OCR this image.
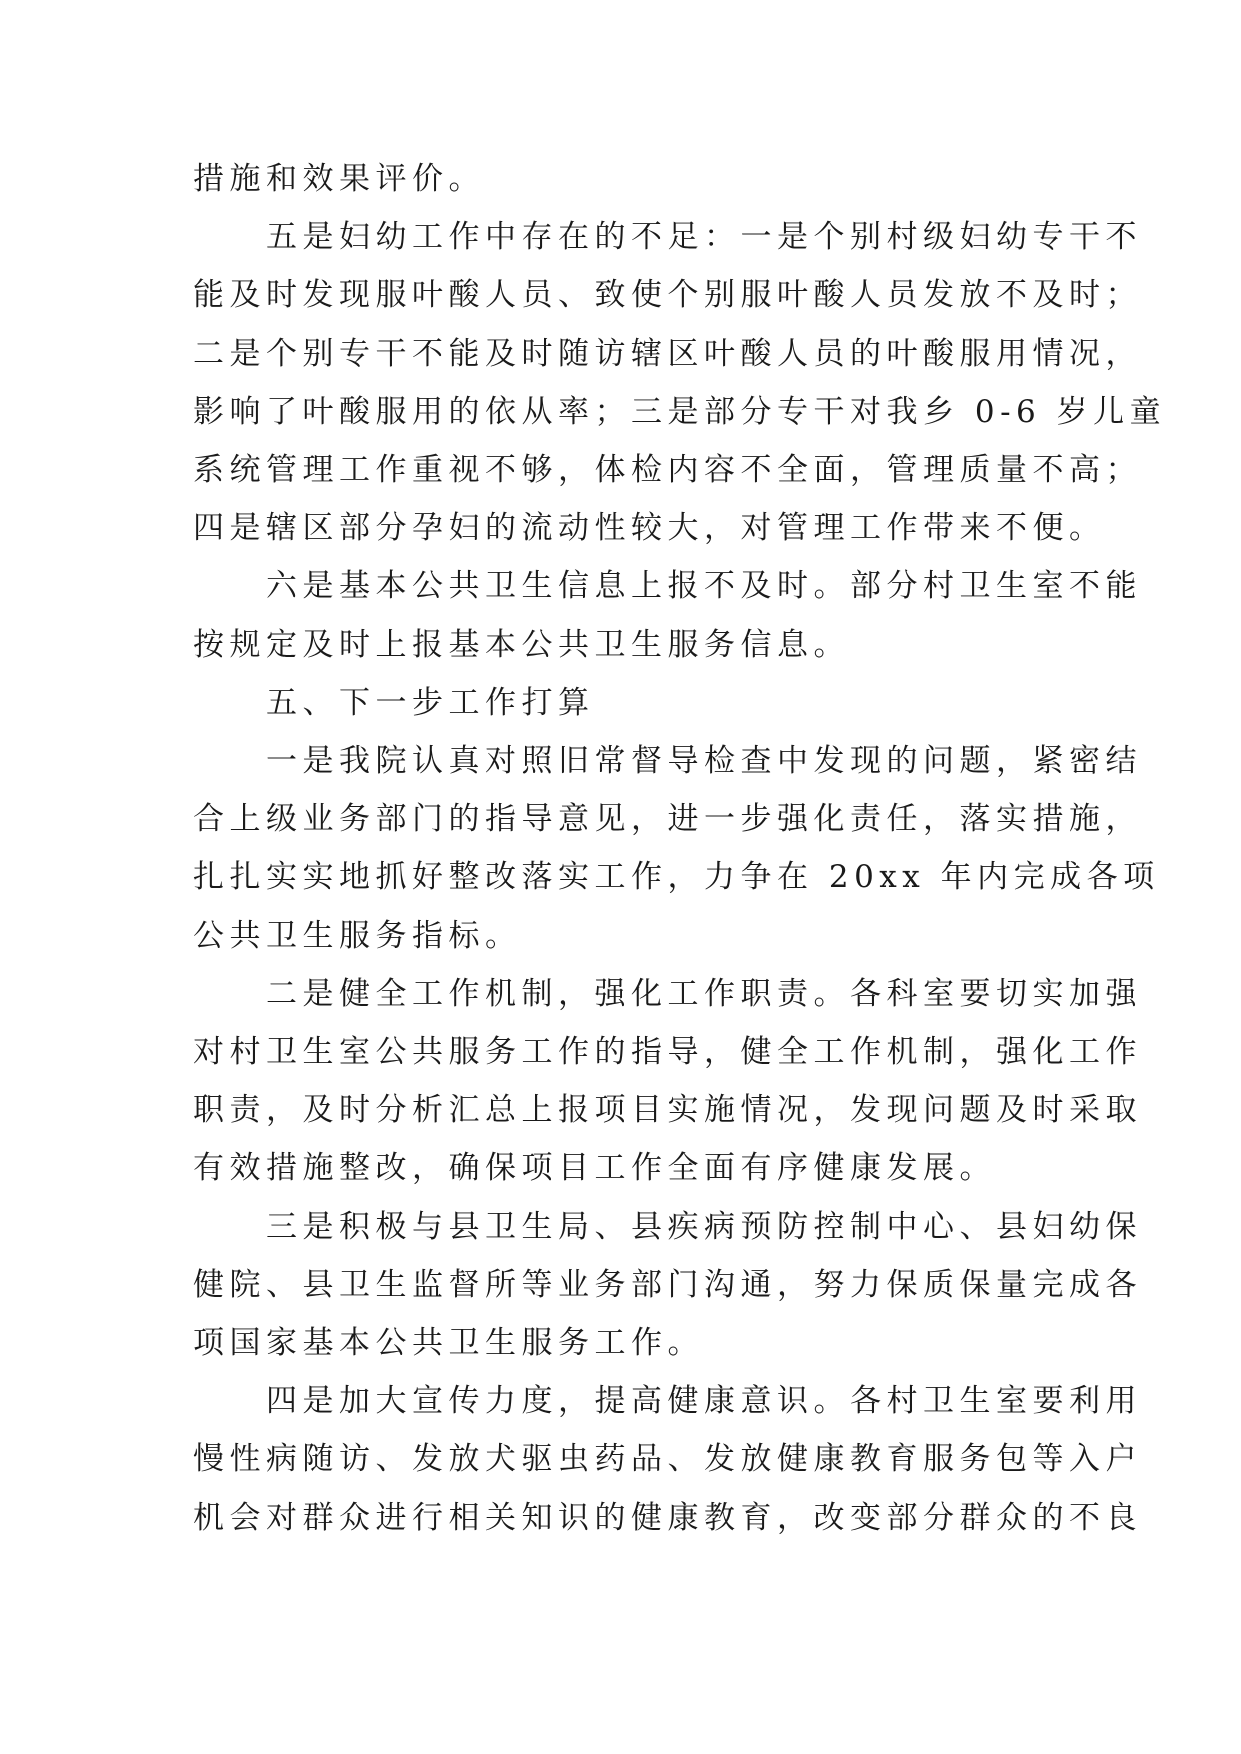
措施和效果评价。

五是妇幼工作中存在的不足：一是个别村级妇幼专干不
能及时发现服叶酸人员、致使个别服叶酸人员发放不及时；
二是个别专干不能及时随访辖区叶酸人员的叶酸服用情况，
影响了叶酸服用的依从率；三是部分专干对我乡 0-6 岁儿童
系统管理工作重视不够，体检内容不全面，管理质量不高；
四是辖区部分孕妇的流动性较大，对管理工作带来不便。

六是基本公共卫生信息上报不及时。部分村卫生室不能
按规定及时上报基本公共卫生服务信息。

五、下一步工作打算

一是我院认真对照旧常督导检查中发现的问题，紧密结
合上级业务部门的指导意见，进一步强化责任，落实措施，
扎扎实实地抓好整改落实工作，力争在 20xx 年内完成各项
公共卫生服务指标。

二是健全工作机制，强化工作职责。各科室要切实加强
对村卫生室公共服务工作的指导，健全工作机制，强化工作
职责，及时分析汇总上报项目实施情况，发现问题及时采取
有效措施整改，确保项目工作全面有序健康发展。

三是积极与县卫生局、县疾病预防控制中心、县妇幼保
健院、县卫生监督所等业务部门沟通，努力保质保量完成各
项国家基本公共卫生服务工作。

四是加大宣传力度，提高健康意识。各村卫生室要利用
慢性病随访、发放犬驱虫药品、发放健康教育服务包等入户
机会对群众进行相关知识的健康教育，改变部分群众的不良
